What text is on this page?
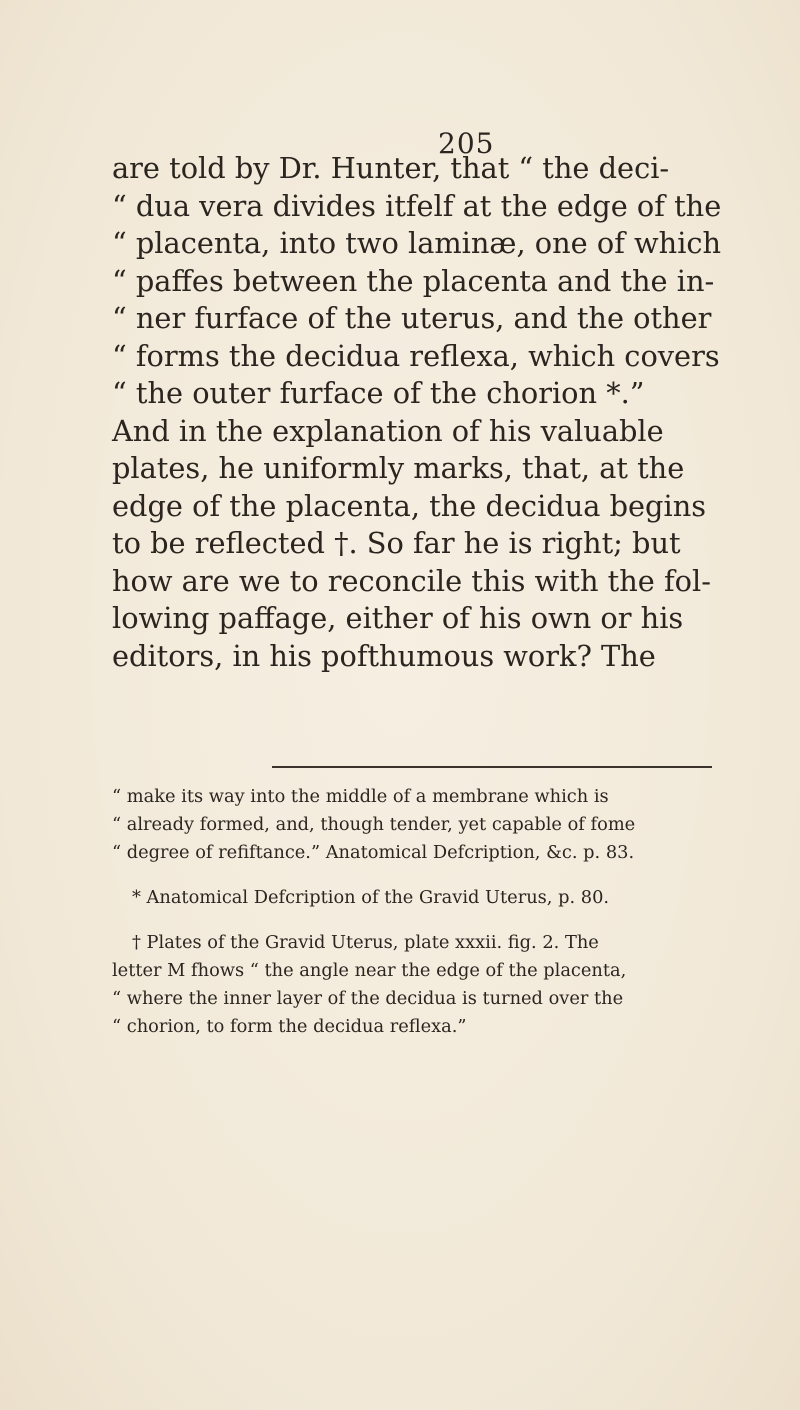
205
are told by Dr. Hunter, that “ the deci-
“ dua vera divides itfelf at the edge of the
“ placenta, into two laminæ, one of which
“ paffes between the placenta and the in-
“ ner furface of the uterus, and the other
“ forms the decidua reflexa, which covers
“ the outer furface of the chorion *.”
And in the explanation of his valuable
plates, he uniformly marks, that, at the
edge of the placenta, the decidua begins
to be reflected †. So far he is right; but
how are we to reconcile this with the fol-
lowing paffage, either of his own or his
editors, in his pofthumous work? The
“ make its way into the middle of a membrane which is
“ already formed, and, though tender, yet capable of fome
“ degree of refiftance.” Anatomical Defcription, &c. p. 83.
* Anatomical Defcription of the Gravid Uterus, p. 80.
† Plates of the Gravid Uterus, plate xxxii. fig. 2. The
letter M fhows “ the angle near the edge of the placenta,
“ where the inner layer of the decidua is turned over the
“ chorion, to form the decidua reflexa.”
